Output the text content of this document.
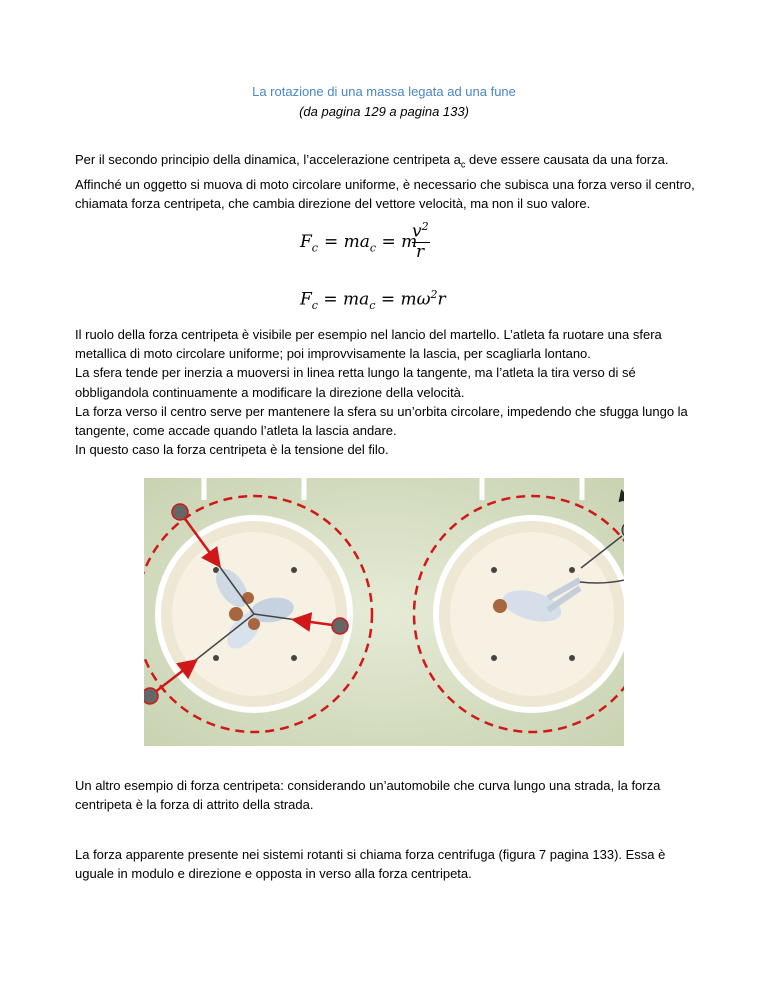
La rotazione di una massa legata ad una fune
(da pagina 129 a pagina 133)

Per il secondo principio della dinamica, l’accelerazione centripeta $a_c$ deve essere causata da una forza. Affinché un oggetto si muova di moto circolare uniforme, è necessario che subisca una forza verso il centro, chiamata forza centripeta, che cambia direzione del vettore velocità, ma non il suo valore.

$F_c = ma_c = m$
$v^2$
r
$F_c = ma_c = m\omega^2r$

Il ruolo della forza centripeta è visibile per esempio nel lancio del martello. L’atleta fa ruotare una sfera metallica di moto circolare uniforme; poi improvvisamente la lascia, per scagliarla lontano.

La sfera tende per inerzia a muoversi in linea retta lungo la tangente, ma l’atleta la tira verso di sé obbligandola continuamente a modificare la direzione della velocità.

La forza verso il centro serve per mantenere la sfera su un’orbita circolare, impedendo che sfugga lungo la tangente, come accade quando l’atleta la lascia andare.

In questo caso la forza centripeta è la tensione del filo.

Un altro esempio di forza centripeta: considerando un’automobile che curva lungo una strada, la forza centripeta è la forza di attrito della strada.
La forza apparente presente nei sistemi rotanti si chiama forza centrifuga (figura 7 pagina 133). Essa è uguale in modulo e direzione e opposta in verso alla forza centripeta.
